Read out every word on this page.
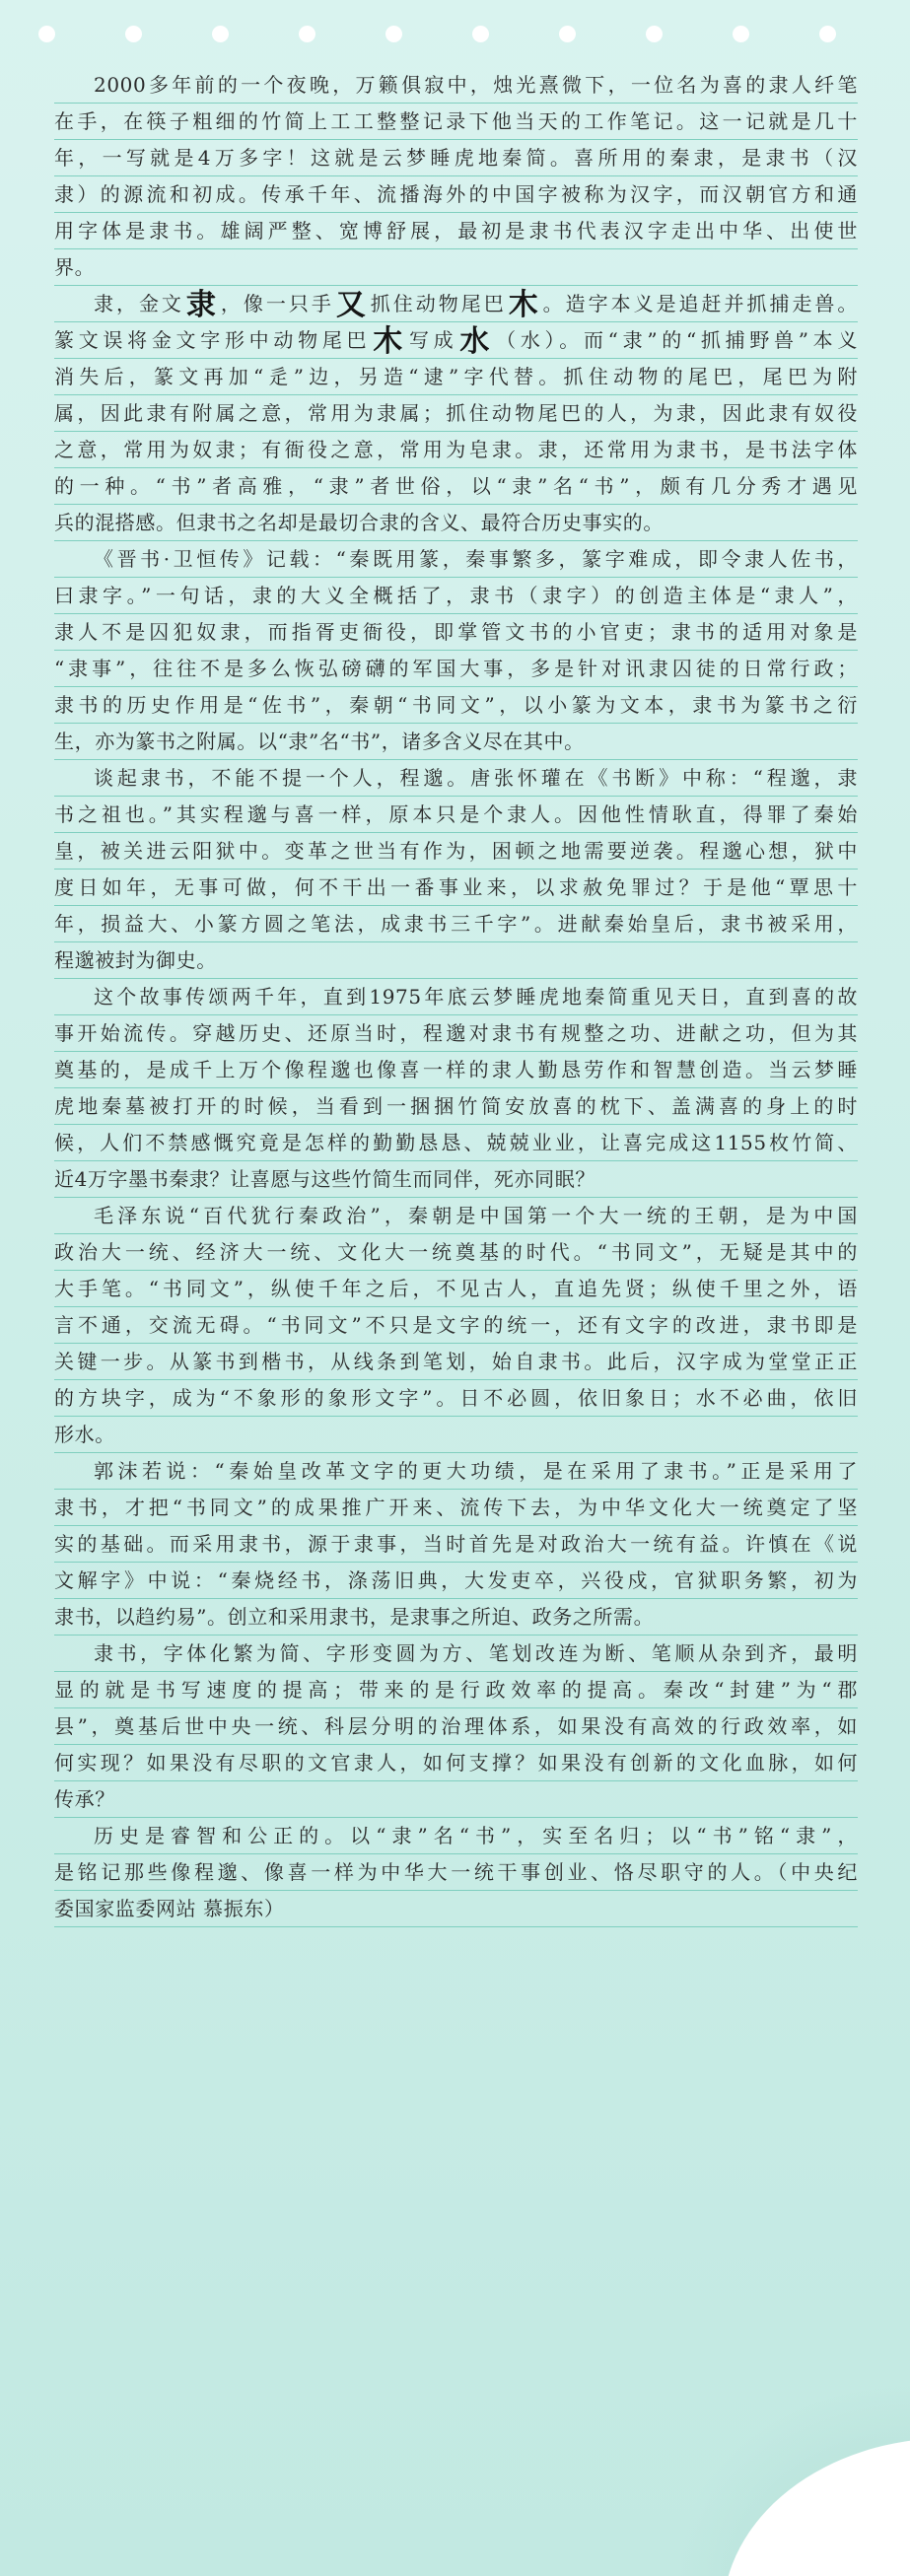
2000多年前的一个夜晚，万籁俱寂中，烛光熹微下，一位名为喜的隶人纤笔
在手，在筷子粗细的竹简上工工整整记录下他当天的工作笔记。这一记就是几十
年，一写就是4万多字！这就是云梦睡虎地秦简。喜所用的秦隶，是隶书（汉
隶）的源流和初成。传承千年、流播海外的中国字被称为汉字，而汉朝官方和通
用字体是隶书。雄阔严整、宽博舒展，最初是隶书代表汉字走出中华、出使世
界。
隶，金文隶 ，像一只手又 抓住动物尾巴木 。造字本义是追赶并抓捕走兽。
篆文误将金文字形中动物尾巴木 写成水 （水）。而“隶”的“抓捕野兽”本义
消失后，篆文再加“辵”边，另造“逮”字代替。抓住动物的尾巴，尾巴为附
属，因此隶有附属之意，常用为隶属；抓住动物尾巴的人，为隶，因此隶有奴役
之意，常用为奴隶；有衙役之意，常用为皂隶。隶，还常用为隶书，是书法字体
的一种。“书”者高雅，“隶”者世俗，以“隶”名“书”，颇有几分秀才遇见
兵的混搭感。但隶书之名却是最切合隶的含义、最符合历史事实的。
《晋书·卫恒传》记载：“秦既用篆，秦事繁多，篆字难成，即令隶人佐书，
曰隶字。”一句话，隶的大义全概括了，隶书（隶字）的创造主体是“隶人”，
隶人不是囚犯奴隶，而指胥吏衙役，即掌管文书的小官吏；隶书的适用对象是
“隶事”，往往不是多么恢弘磅礴的军国大事，多是针对讯隶囚徒的日常行政；
隶书的历史作用是“佐书”，秦朝“书同文”，以小篆为文本，隶书为篆书之衍
生，亦为篆书之附属。以“隶”名“书”，诸多含义尽在其中。
谈起隶书，不能不提一个人，程邈。唐张怀瓘在《书断》中称：“程邈，隶
书之祖也。”其实程邈与喜一样，原本只是个隶人。因他性情耿直，得罪了秦始
皇，被关进云阳狱中。变革之世当有作为，困顿之地需要逆袭。程邈心想，狱中
度日如年，无事可做，何不干出一番事业来，以求赦免罪过？于是他“覃思十
年，损益大、小篆方圆之笔法，成隶书三千字”。进献秦始皇后，隶书被采用，
程邈被封为御史。
这个故事传颂两千年，直到1975年底云梦睡虎地秦简重见天日，直到喜的故
事开始流传。穿越历史、还原当时，程邈对隶书有规整之功、进献之功，但为其
奠基的，是成千上万个像程邈也像喜一样的隶人勤恳劳作和智慧创造。当云梦睡
虎地秦墓被打开的时候，当看到一捆捆竹简安放喜的枕下、盖满喜的身上的时
候，人们不禁感慨究竟是怎样的勤勤恳恳、兢兢业业，让喜完成这1155枚竹简、
近4万字墨书秦隶？让喜愿与这些竹简生而同伴，死亦同眠？
毛泽东说“百代犹行秦政治”，秦朝是中国第一个大一统的王朝，是为中国
政治大一统、经济大一统、文化大一统奠基的时代。“书同文”，无疑是其中的
大手笔。“书同文”，纵使千年之后，不见古人，直追先贤；纵使千里之外，语
言不通，交流无碍。“书同文”不只是文字的统一，还有文字的改进，隶书即是
关键一步。从篆书到楷书，从线条到笔划，始自隶书。此后，汉字成为堂堂正正
的方块字，成为“不象形的象形文字”。日不必圆，依旧象日；水不必曲，依旧
形水。
郭沫若说：“秦始皇改革文字的更大功绩，是在采用了隶书。”正是采用了
隶书，才把“书同文”的成果推广开来、流传下去，为中华文化大一统奠定了坚
实的基础。而采用隶书，源于隶事，当时首先是对政治大一统有益。许慎在《说
文解字》中说：“秦烧经书，涤荡旧典，大发吏卒，兴役戍，官狱职务繁，初为
隶书，以趋约易”。创立和采用隶书，是隶事之所迫、政务之所需。
隶书，字体化繁为简、字形变圆为方、笔划改连为断、笔顺从杂到齐，最明
显的就是书写速度的提高；带来的是行政效率的提高。秦改“封建”为“郡
县”，奠基后世中央一统、科层分明的治理体系，如果没有高效的行政效率，如
何实现？如果没有尽职的文官隶人，如何支撑？如果没有创新的文化血脉，如何
传承？
历史是睿智和公正的。以“隶”名“书”，实至名归；以“书”铭“隶”，
是铭记那些像程邈、像喜一样为中华大一统干事创业、恪尽职守的人。（中央纪
委国家监委网站 慕振东）
